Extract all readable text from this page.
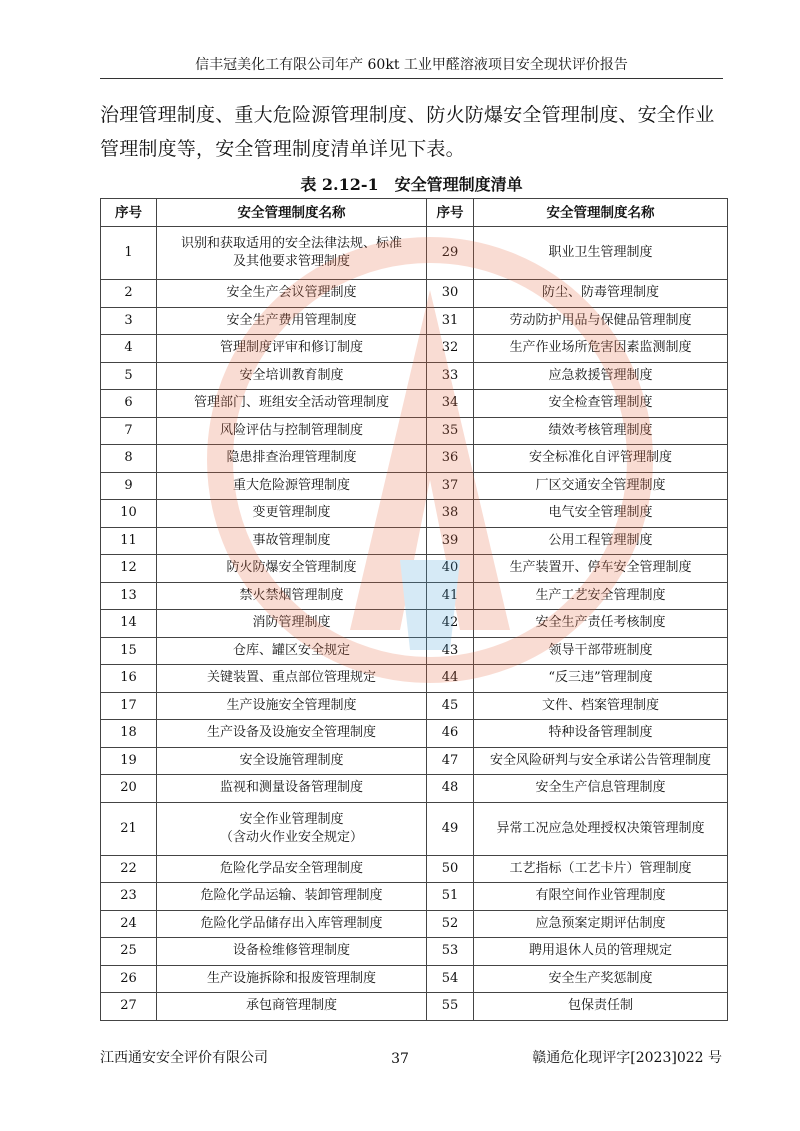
信丰冠美化工有限公司年产 60kt 工业甲醛溶液项目安全现状评价报告

治理管理制度、重大危险源管理制度、防火防爆安全管理制度、安全作业

管理制度等，安全管理制度清单详见下表。

表 2.12-1　安全管理制度清单
序号	安全管理制度名称	序号	安全管理制度名称
1	识别和获取适用的安全法律法规、标准
及其他要求管理制度	29	职业卫生管理制度
2	安全生产会议管理制度	30	防尘、防毒管理制度
3	安全生产费用管理制度	31	劳动防护用品与保健品管理制度
4	管理制度评审和修订制度	32	生产作业场所危害因素监测制度
5	安全培训教育制度	33	应急救援管理制度
6	管理部门、班组安全活动管理制度	34	安全检查管理制度
7	风险评估与控制管理制度	35	绩效考核管理制度
8	隐患排查治理管理制度	36	安全标准化自评管理制度
9	重大危险源管理制度	37	厂区交通安全管理制度
10	变更管理制度	38	电气安全管理制度
11	事故管理制度	39	公用工程管理制度
12	防火防爆安全管理制度	40	生产装置开、停车安全管理制度
13	禁火禁烟管理制度	41	生产工艺安全管理制度
14	消防管理制度	42	安全生产责任考核制度
15	仓库、罐区安全规定	43	领导干部带班制度
16	关键装置、重点部位管理规定	44	“反三违”管理制度
17	生产设施安全管理制度	45	文件、档案管理制度
18	生产设备及设施安全管理制度	46	特种设备管理制度
19	安全设施管理制度	47	安全风险研判与安全承诺公告管理制度
20	监视和测量设备管理制度	48	安全生产信息管理制度
21	安全作业管理制度
（含动火作业安全规定）	49	异常工况应急处理授权决策管理制度
22	危险化学品安全管理制度	50	工艺指标（工艺卡片）管理制度
23	危险化学品运输、装卸管理制度	51	有限空间作业管理制度
24	危险化学品储存出入库管理制度	52	应急预案定期评估制度
25	设备检维修管理制度	53	聘用退休人员的管理规定
26	生产设施拆除和报废管理制度	54	安全生产奖惩制度
27	承包商管理制度	55	包保责任制
江西通安安全评价有限公司	37	赣通危化现评字[2023]022 号
